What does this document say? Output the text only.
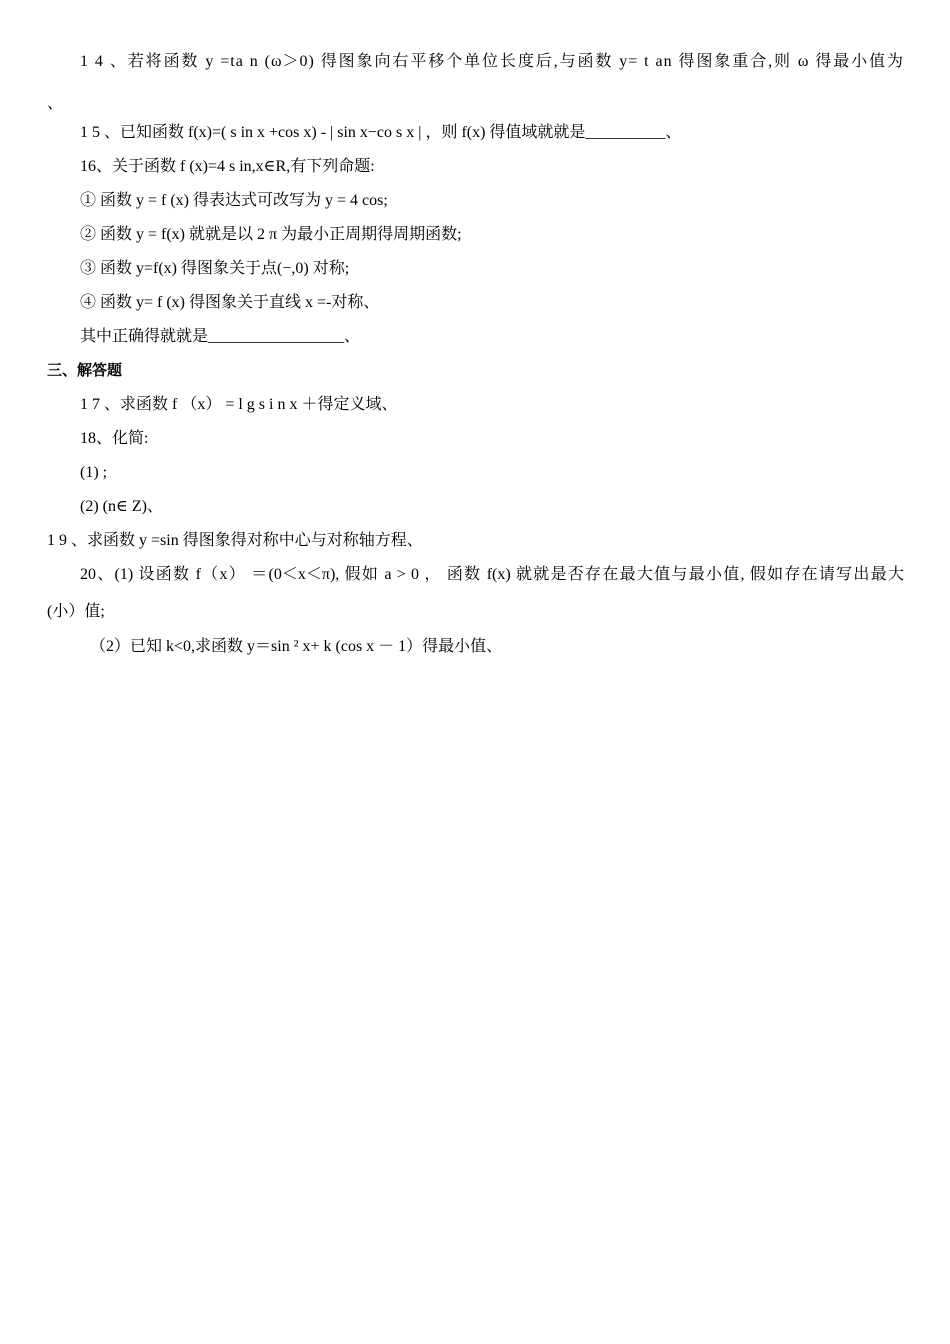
1 4 、若将函数 y =ta n (ω＞0) 得图象向右平移个单位长度后,与函数 y= t an 得图象重合,则 ω 得最小值为
、
1 5 、已知函数 f(x)=( s in x +cos x) - | sin x−co s x | ，则 f(x) 得值域就就是__________、
16、关于函数 f (x)=4 s in,x∈R,有下列命题:
① 函数 y = f (x) 得表达式可改写为 y = 4 cos;
② 函数 y = f(x) 就就是以 2 π 为最小正周期得周期函数;
③ 函数 y=f(x) 得图象关于点(−,0) 对称;
④ 函数 y= f (x) 得图象关于直线 x =-对称、
其中正确得就就是_________________、
三、解答题
1 7 、求函数 f （x） = l g s i n x ＋得定义域、
18、化简:
(1) ;
(2) (n∈ Z)、
1 9 、求函数 y =sin 得图象得对称中心与对称轴方程、
20、(1) 设函数 f（x） ＝(0＜x＜π), 假如 a > 0 ， 函数 f(x) 就就是否存在最大值与最小值, 假如存在请写出最大
(小）值;
（2）已知 k<0,求函数 y＝sin ² x+ k (cos x － 1）得最小值、
